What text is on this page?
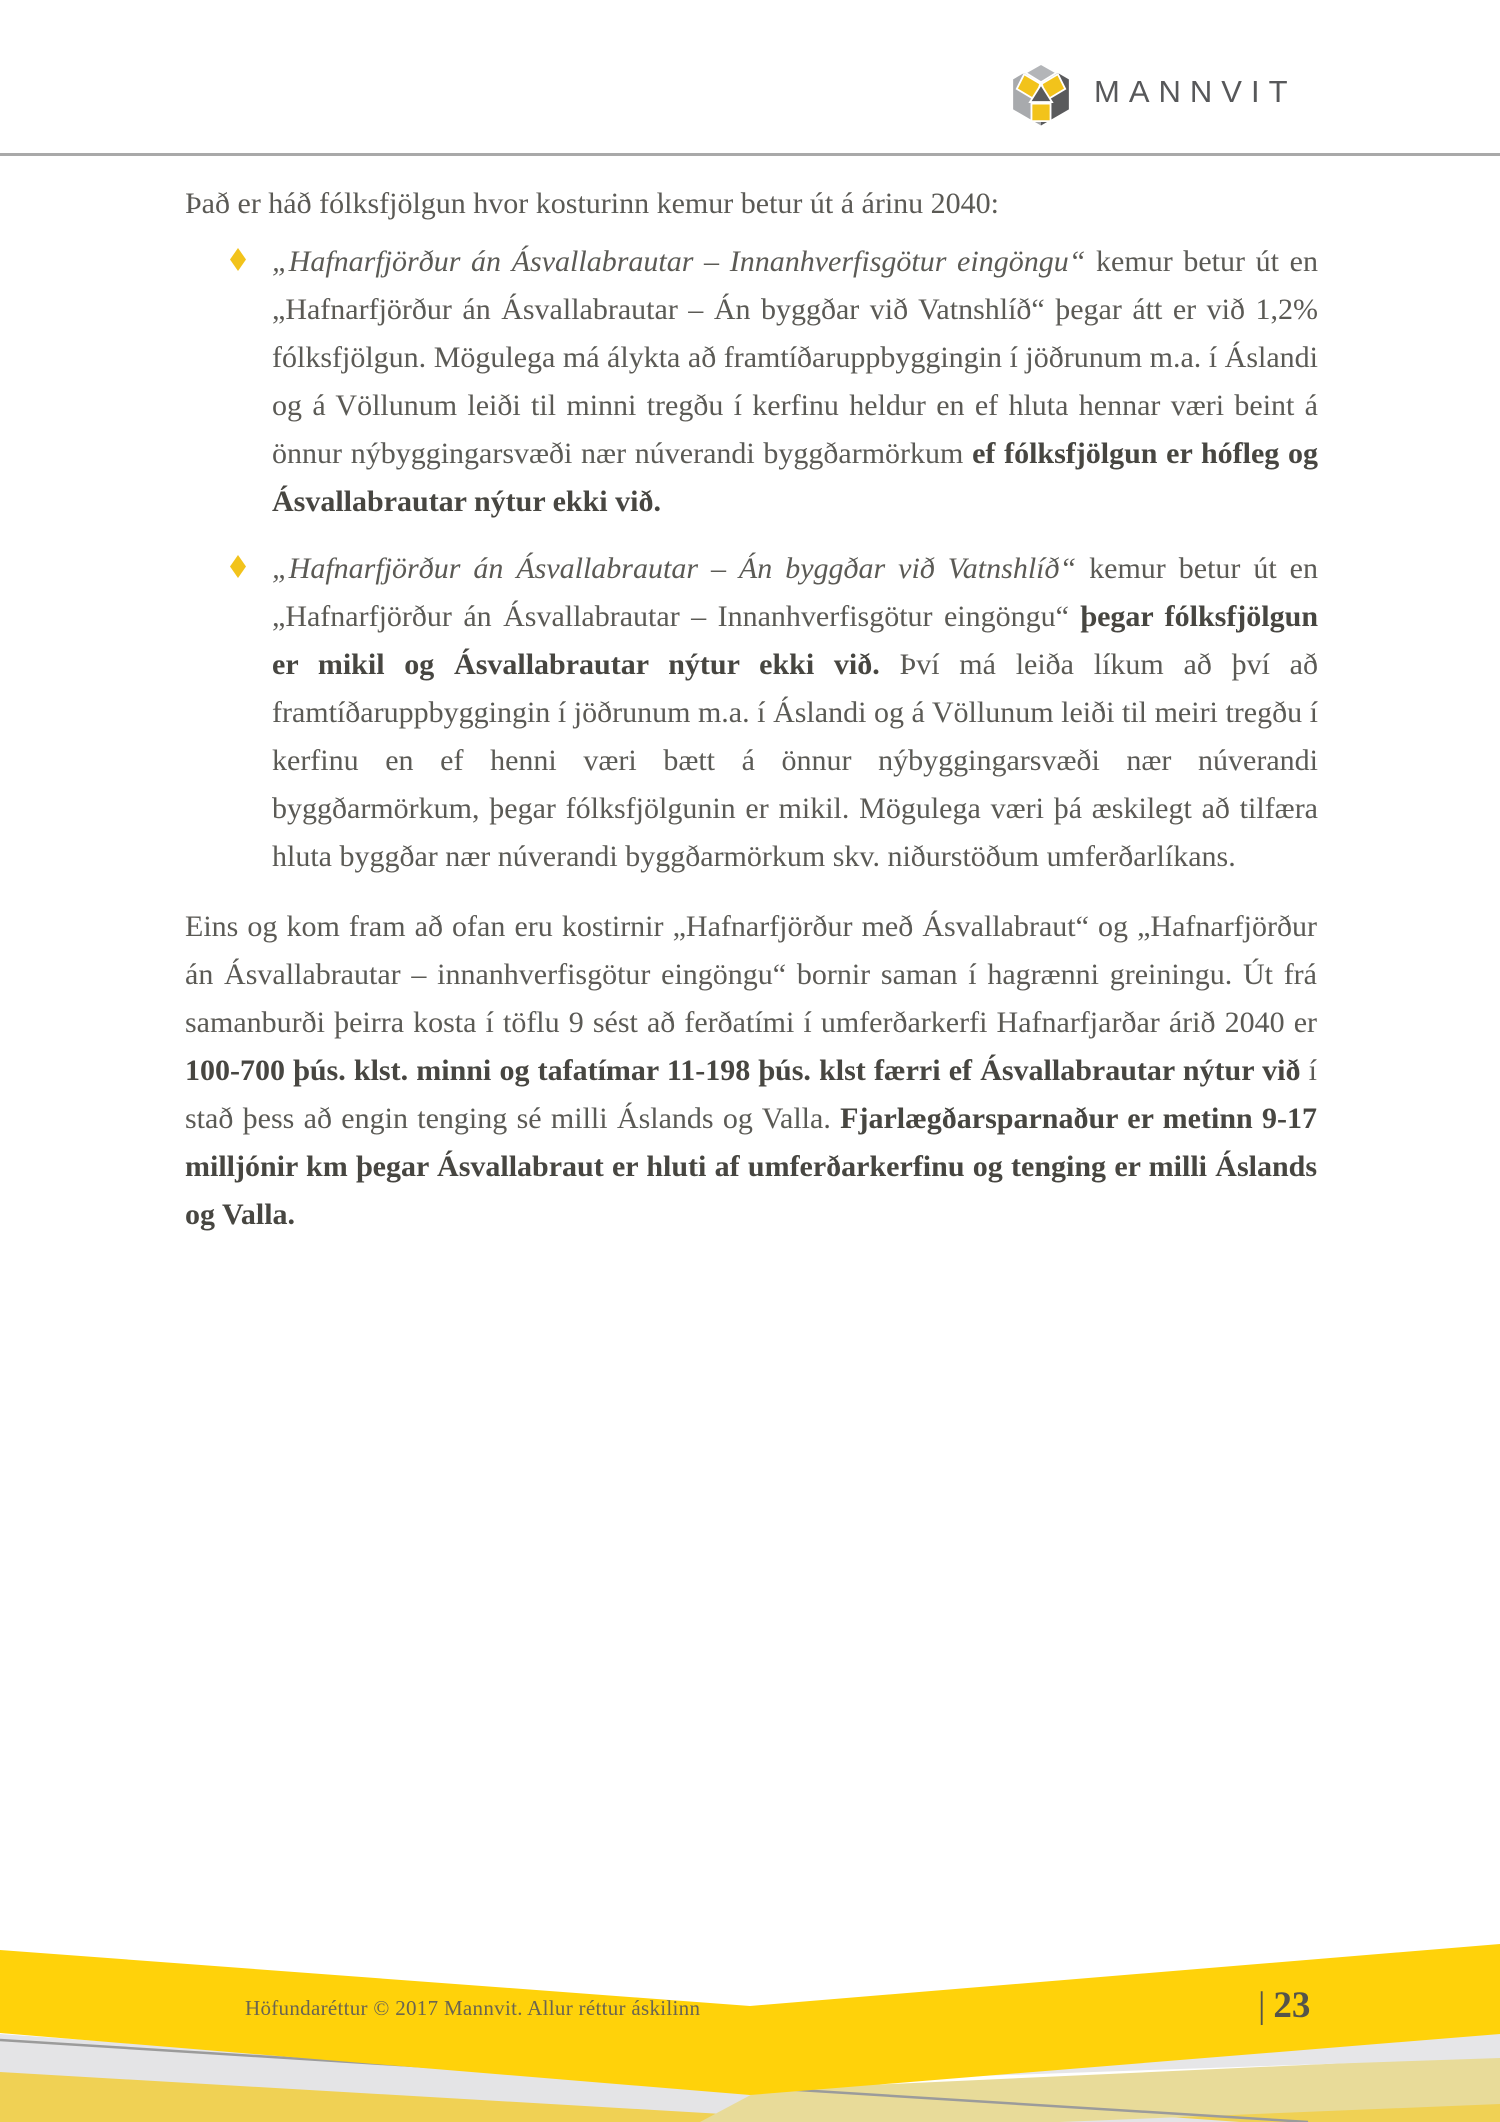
MANNVIT

Það er háð fólksfjölgun hvor kosturinn kemur betur út á árinu 2040:

„Hafnarfjörður án Ásvallabrautar – Innanhverfisgötur eingöngu“ kemur betur út en „Hafnarfjörður án Ásvallabrautar – Án byggðar við Vatnshlíð“ þegar átt er við 1,2% fólksfjölgun. Mögulega má álykta að framtíðaruppbyggingin í jöðrunum m.a. í Áslandi og á Völlunum leiði til minni tregðu í kerfinu heldur en ef hluta hennar væri beint á önnur nýbyggingarsvæði nær núverandi byggðarmörkum ef fólksfjölgun er hófleg og Ásvallabrautar nýtur ekki við.
„Hafnarfjörður án Ásvallabrautar – Án byggðar við Vatnshlíð“ kemur betur út en „Hafnarfjörður án Ásvallabrautar – Innanhverfisgötur eingöngu“ þegar fólksfjölgun er mikil og Ásvallabrautar nýtur ekki við. Því má leiða líkum að því að framtíðaruppbyggingin í jöðrunum m.a. í Áslandi og á Völlunum leiði til meiri tregðu í kerfinu en ef henni væri bætt á önnur nýbyggingarsvæði nær núverandi byggðarmörkum, þegar fólksfjölgunin er mikil. Mögulega væri þá æskilegt að tilfæra hluta byggðar nær núverandi byggðarmörkum skv. niðurstöðum umferðarlíkans.

Eins og kom fram að ofan eru kostirnir „Hafnarfjörður með Ásvallabraut“ og „Hafnarfjörður án Ásvallabrautar – innanhverfisgötur eingöngu“ bornir saman í hagrænni greiningu. Út frá samanburði þeirra kosta í töflu 9 sést að ferðatími í umferðarkerfi Hafnarfjarðar árið 2040 er 100-700 þús. klst. minni og tafatímar 11-198 þús. klst færri ef Ásvallabrautar nýtur við í stað þess að engin tenging sé milli Áslands og Valla. Fjarlægðarsparnaður er metinn 9-17 milljónir km þegar Ásvallabraut er hluti af umferðarkerfinu og tenging er milli Áslands og Valla.

Höfundaréttur © 2017 Mannvit. Allur réttur áskilinn	| 23
